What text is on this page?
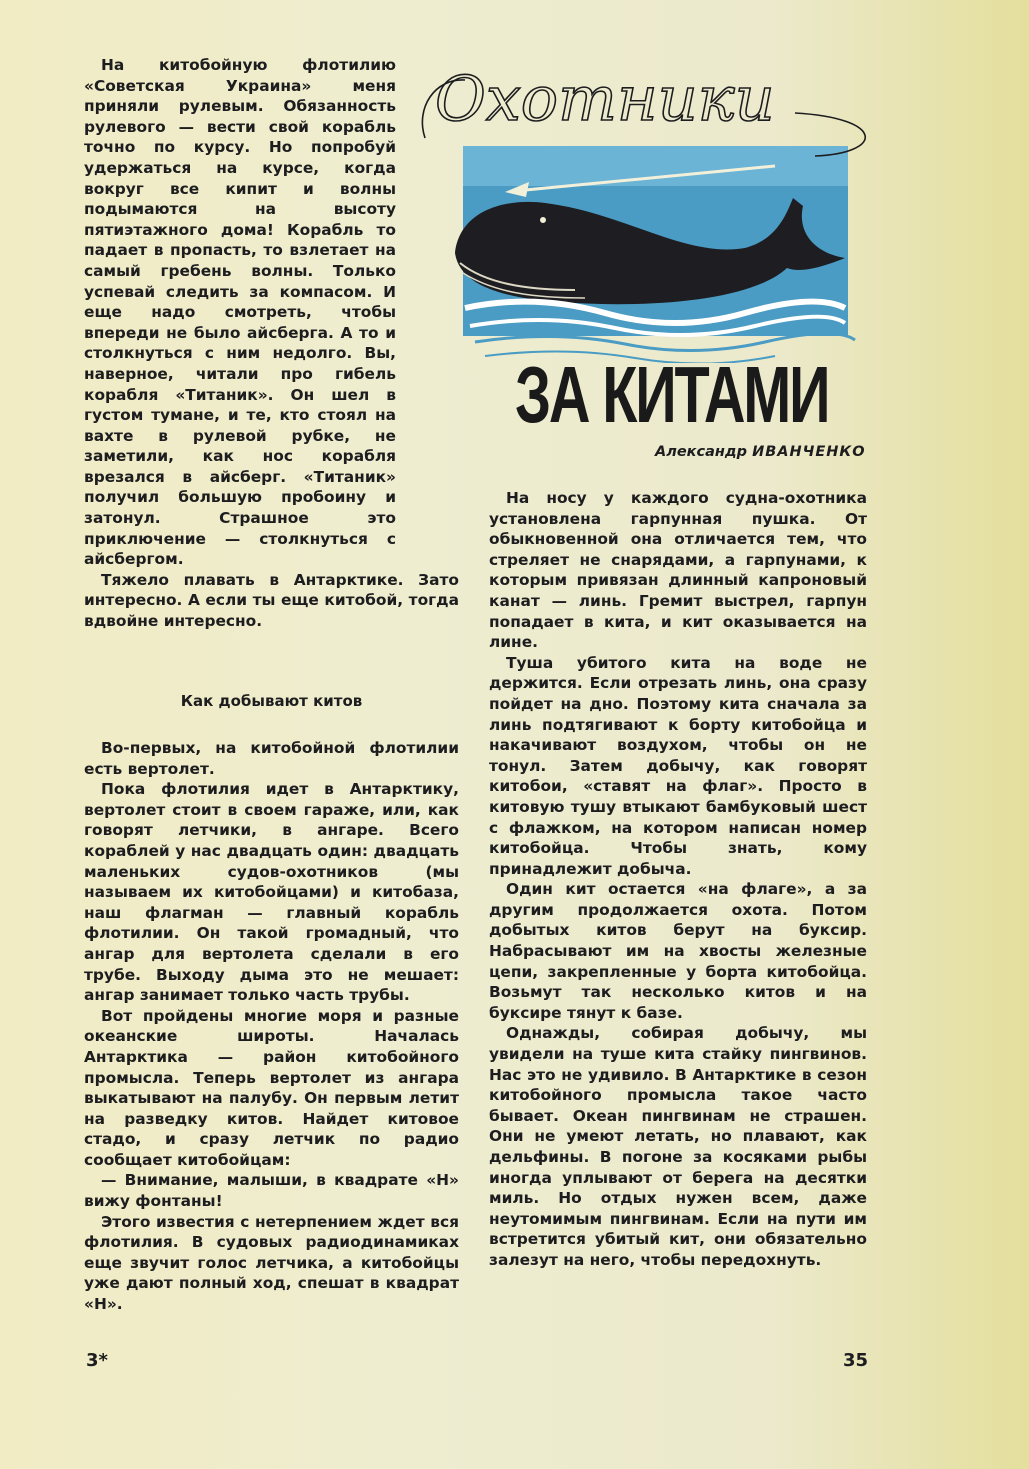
Охотники
ЗА КИТАМИ
Александр ИВАНЧЕНКО

На китобойную флотилию «Советская Украина» меня приняли рулевым. Обязанность рулевого — вести свой корабль точно по курсу. Но попробуй удержаться на курсе, когда вокруг все кипит и волны подымаются на высоту пятиэтажного дома! Корабль то падает в пропасть, то взлетает на самый гребень волны. Только успевай следить за компасом. И еще надо смотреть, чтобы впереди не было айсберга. А то и столкнуться с ним недолго. Вы, наверное, читали про гибель корабля «Титаник». Он шел в густом тумане, и те, кто стоял на вахте в рулевой рубке, не заметили, как нос корабля врезался в айсберг. «Титаник» получил большую пробоину и затонул. Страшное это приключение — столкнуться с айсбергом.

Тяжело плавать в Антарктике. Зато интересно. А если ты еще китобой, тогда вдвойне интересно.

Как добывают китов

Во-первых, на китобойной флотилии есть вертолет.

Пока флотилия идет в Антарктику, вертолет стоит в своем гараже, или, как говорят летчики, в ангаре. Всего кораблей у нас двадцать один: двадцать маленьких судов-охотников (мы называем их китобойцами) и китобаза, наш флагман — главный корабль флотилии. Он такой громадный, что ангар для вертолета сделали в его трубе. Выходу дыма это не мешает: ангар занимает только часть трубы.

Вот пройдены многие моря и разные океанские широты. Началась Антарктика — район китобойного промысла. Теперь вертолет из ангара выкатывают на палубу. Он первым летит на разведку китов. Найдет китовое стадо, и сразу летчик по радио сообщает китобойцам:

— Внимание, малыши, в квадрате «Н» вижу фонтаны!

Этого известия с нетерпением ждет вся флотилия. В судовых радиодинамиках еще звучит голос летчика, а китобойцы уже дают полный ход, спешат в квадрат «Н».

На носу у каждого судна-охотника установлена гарпунная пушка. От обыкновенной она отличается тем, что стреляет не снарядами, а гарпунами, к которым привязан длинный капроновый канат — линь. Гремит выстрел, гарпун попадает в кита, и кит оказывается на лине.

Туша убитого кита на воде не держится. Если отрезать линь, она сразу пойдет на дно. Поэтому кита сначала за линь подтягивают к борту китобойца и накачивают воздухом, чтобы он не тонул. Затем добычу, как говорят китобои, «ставят на флаг». Просто в китовую тушу втыкают бамбуковый шест с флажком, на котором написан номер китобойца. Чтобы знать, кому принадлежит добыча.

Один кит остается «на флаге», а за другим продолжается охота. Потом добытых китов берут на буксир. Набрасывают им на хвосты железные цепи, закрепленные у борта китобойца. Возьмут так несколько китов и на буксире тянут к базе.

Однажды, собирая добычу, мы увидели на туше кита стайку пингвинов. Нас это не удивило. В Антарктике в сезон китобойного промысла такое часто бывает. Океан пингвинам не страшен. Они не умеют летать, но плавают, как дельфины. В погоне за косяками рыбы иногда уплывают от берега на десятки миль. Но отдых нужен всем, даже неутомимым пингвинам. Если на пути им встретится убитый кит, они обязательно залезут на него, чтобы передохнуть.

3*	35
